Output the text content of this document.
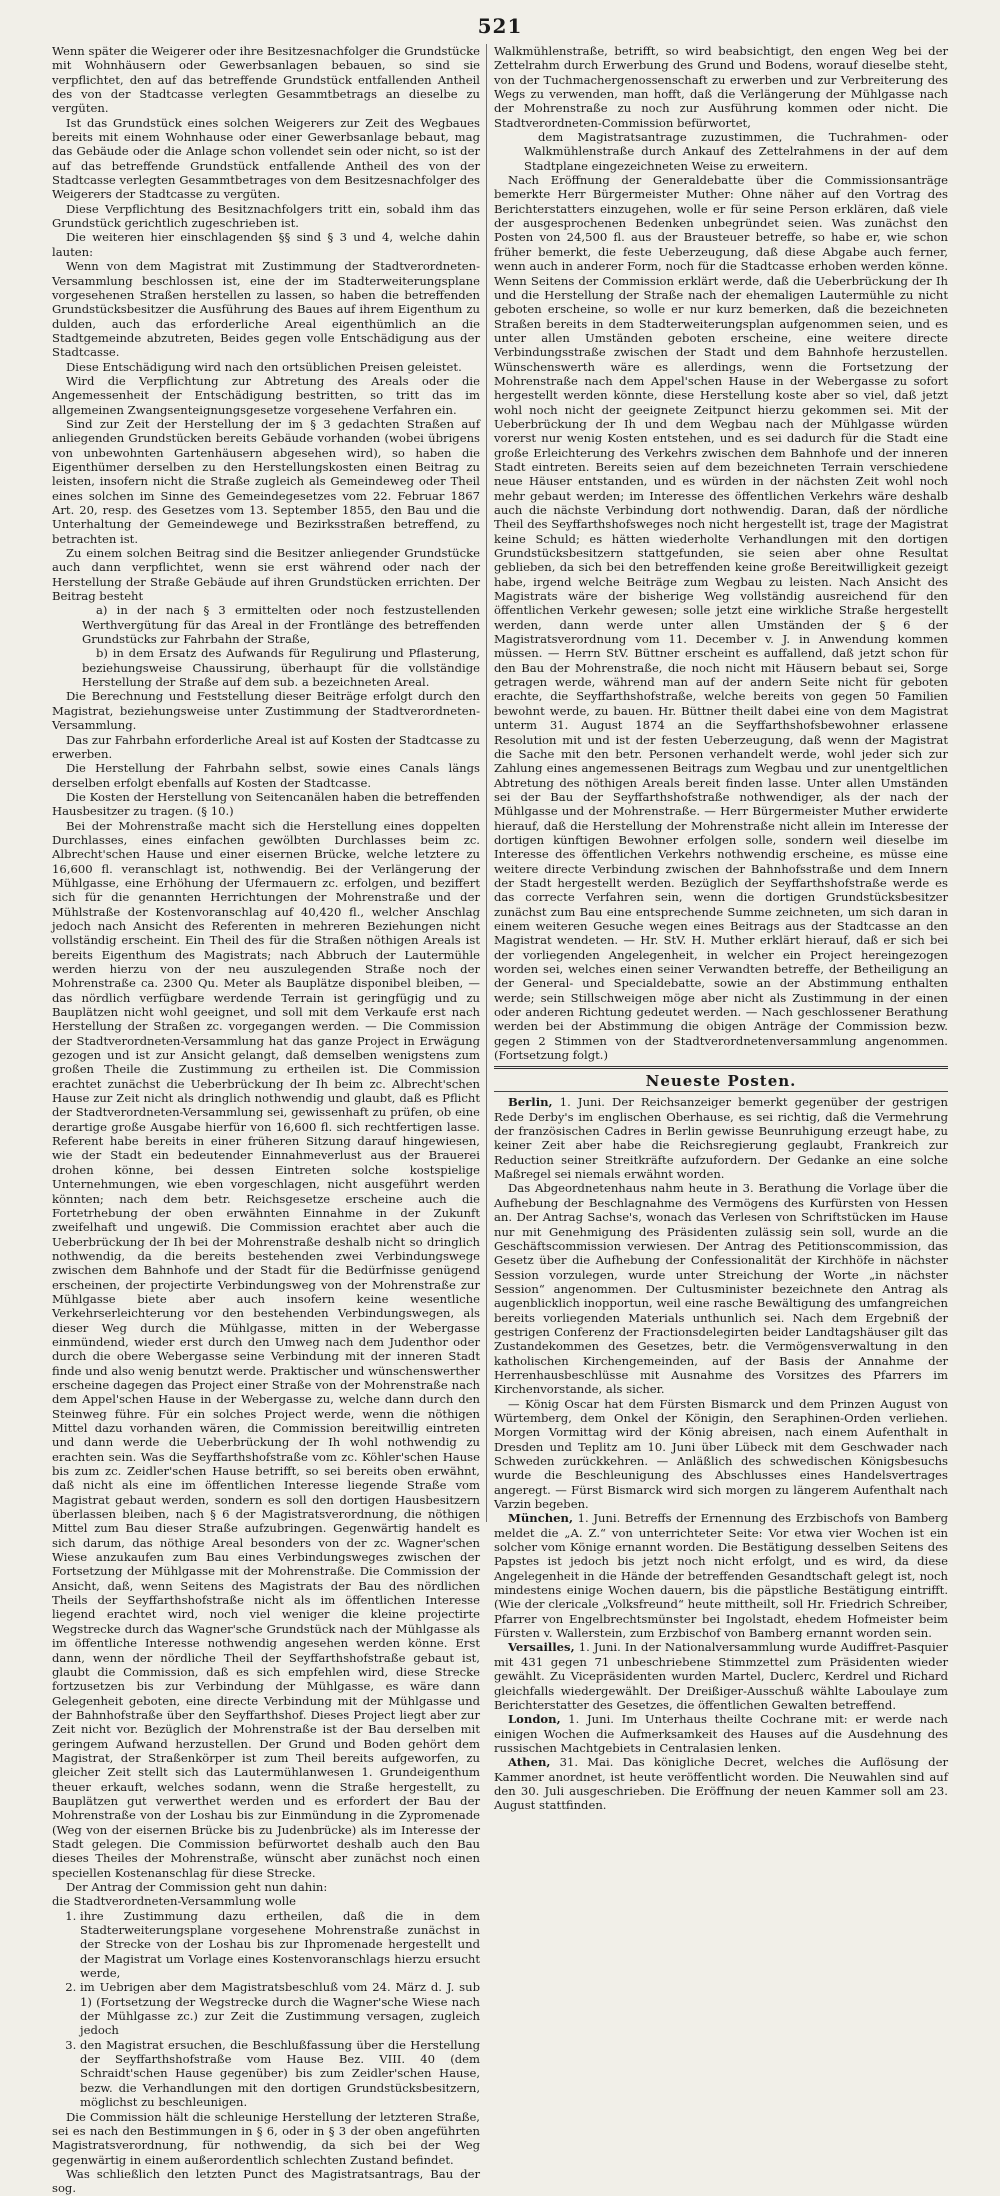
521

Wenn später die Weigerer oder ihre Besitzesnachfolger die Grundstücke mit Wohnhäusern oder Gewerbsanlagen bebauen, so sind sie verpflichtet, den auf das betreffende Grundstück entfallenden Antheil des von der Stadtcasse verlegten Gesammtbetrags an dieselbe zu vergüten.

Ist das Grundstück eines solchen Weigerers zur Zeit des Wegbaues bereits mit einem Wohnhause oder einer Gewerbsanlage bebaut, mag das Gebäude oder die Anlage schon vollendet sein oder nicht, so ist der auf das betreffende Grundstück entfallende Antheil des von der Stadtcasse verlegten Gesammtbetrages von dem Besitzesnachfolger des Weigerers der Stadtcasse zu vergüten.

Diese Verpflichtung des Besitznachfolgers tritt ein, sobald ihm das Grundstück gerichtlich zugeschrieben ist.

Die weiteren hier einschlagenden §§ sind § 3 und 4, welche dahin lauten:

Wenn von dem Magistrat mit Zustimmung der Stadtverordneten-Versammlung beschlossen ist, eine der im Stadterweiterungsplane vorgesehenen Straßen herstellen zu lassen, so haben die betreffenden Grundstücksbesitzer die Ausführung des Baues auf ihrem Eigenthum zu dulden, auch das erforderliche Areal eigenthümlich an die Stadtgemeinde abzutreten, Beides gegen volle Entschädigung aus der Stadtcasse.

Diese Entschädigung wird nach den ortsüblichen Preisen geleistet.

Wird die Verpflichtung zur Abtretung des Areals oder die Angemessenheit der Entschädigung bestritten, so tritt das im allgemeinen Zwangsenteignungsgesetze vorgesehene Verfahren ein.

Sind zur Zeit der Herstellung der im § 3 gedachten Straßen auf anliegenden Grundstücken bereits Gebäude vorhanden (wobei übrigens von unbewohnten Gartenhäusern abgesehen wird), so haben die Eigenthümer derselben zu den Herstellungskosten einen Beitrag zu leisten, insofern nicht die Straße zugleich als Gemeindeweg oder Theil eines solchen im Sinne des Gemeindegesetzes vom 22. Februar 1867 Art. 20, resp. des Gesetzes vom 13. September 1855, den Bau und die Unterhaltung der Gemeindewege und Bezirksstraßen betreffend, zu betrachten ist.

Zu einem solchen Beitrag sind die Besitzer anliegender Grundstücke auch dann verpflichtet, wenn sie erst während oder nach der Herstellung der Straße Gebäude auf ihren Grundstücken errichten. Der Beitrag besteht

a) in der nach § 3 ermittelten oder noch festzustellenden Werthvergütung für das Areal in der Frontlänge des betreffenden Grundstücks zur Fahrbahn der Straße,

b) in dem Ersatz des Aufwands für Regulirung und Pflasterung, beziehungsweise Chaussirung, überhaupt für die vollständige Herstellung der Straße auf dem sub. a bezeichneten Areal.

Die Berechnung und Feststellung dieser Beiträge erfolgt durch den Magistrat, beziehungsweise unter Zustimmung der Stadtverordneten-Versammlung.

Das zur Fahrbahn erforderliche Areal ist auf Kosten der Stadtcasse zu erwerben.

Die Herstellung der Fahrbahn selbst, sowie eines Canals längs derselben erfolgt ebenfalls auf Kosten der Stadtcasse.

Die Kosten der Herstellung von Seitencanälen haben die betreffenden Hausbesitzer zu tragen. (§ 10.)

Bei der Mohrenstraße macht sich die Herstellung eines doppelten Durchlasses, eines einfachen gewölbten Durchlasses beim zc. Albrecht'schen Hause und einer eisernen Brücke, welche letztere zu 16,600 fl. veranschlagt ist, nothwendig. Bei der Verlängerung der Mühlgasse, eine Erhöhung der Ufermauern zc. erfolgen, und beziffert sich für die genannten Herrichtungen der Mohrenstraße und der Mühlstraße der Kostenvoranschlag auf 40,420 fl., welcher Anschlag jedoch nach Ansicht des Referenten in mehreren Beziehungen nicht vollständig erscheint. Ein Theil des für die Straßen nöthigen Areals ist bereits Eigenthum des Magistrats; nach Abbruch der Lautermühle werden hierzu von der neu auszulegenden Straße noch der Mohrenstraße ca. 2300 Qu. Meter als Bauplätze disponibel bleiben, — das nördlich verfügbare werdende Terrain ist geringfügig und zu Bauplätzen nicht wohl geeignet, und soll mit dem Verkaufe erst nach Herstellung der Straßen zc. vorgegangen werden. — Die Commission der Stadtverordneten-Versammlung hat das ganze Project in Erwägung gezogen und ist zur Ansicht gelangt, daß demselben wenigstens zum großen Theile die Zustimmung zu ertheilen ist. Die Commission erachtet zunächst die Ueberbrückung der Ih beim zc. Albrecht'schen Hause zur Zeit nicht als dringlich nothwendig und glaubt, daß es Pflicht der Stadtverordneten-Versammlung sei, gewissenhaft zu prüfen, ob eine derartige große Ausgabe hierfür von 16,600 fl. sich rechtfertigen lasse. Referent habe bereits in einer früheren Sitzung darauf hingewiesen, wie der Stadt ein bedeutender Einnahmeverlust aus der Brauerei drohen könne, bei dessen Eintreten solche kostspielige Unternehmungen, wie eben vorgeschlagen, nicht ausgeführt werden könnten; nach dem betr. Reichsgesetze erscheine auch die Fortetrhebung der oben erwähnten Einnahme in der Zukunft zweifelhaft und ungewiß. Die Commission erachtet aber auch die Ueberbrückung der Ih bei der Mohrenstraße deshalb nicht so dringlich nothwendig, da die bereits bestehenden zwei Verbindungswege zwischen dem Bahnhofe und der Stadt für die Bedürfnisse genügend erscheinen, der projectirte Verbindungsweg von der Mohrenstraße zur Mühlgasse biete aber auch insofern keine wesentliche Verkehrserleichterung vor den bestehenden Verbindungswegen, als dieser Weg durch die Mühlgasse, mitten in der Webergasse einmündend, wieder erst durch den Umweg nach dem Judenthor oder durch die obere Webergasse seine Verbindung mit der inneren Stadt finde und also wenig benutzt werde. Praktischer und wünschenswerther erscheine dagegen das Project einer Straße von der Mohrenstraße nach dem Appel'schen Hause in der Webergasse zu, welche dann durch den Steinweg führe. Für ein solches Project werde, wenn die nöthigen Mittel dazu vorhanden wären, die Commission bereitwillig eintreten und dann werde die Ueberbrückung der Ih wohl nothwendig zu erachten sein. Was die Seyffarthshofstraße vom zc. Köhler'schen Hause bis zum zc. Zeidler'schen Hause betrifft, so sei bereits oben erwähnt, daß nicht als eine im öffentlichen Interesse liegende Straße vom Magistrat gebaut werden, sondern es soll den dortigen Hausbesitzern überlassen bleiben, nach § 6 der Magistratsverordnung, die nöthigen Mittel zum Bau dieser Straße aufzubringen. Gegenwärtig handelt es sich darum, das nöthige Areal besonders von der zc. Wagner'schen Wiese anzukaufen zum Bau eines Verbindungsweges zwischen der Fortsetzung der Mühlgasse mit der Mohrenstraße. Die Commission der Ansicht, daß, wenn Seitens des Magistrats der Bau des nördlichen Theils der Seyffarthshofstraße nicht als im öffentlichen Interesse liegend erachtet wird, noch viel weniger die kleine projectirte Wegstrecke durch das Wagner'sche Grundstück nach der Mühlgasse als im öffentliche Interesse nothwendig angesehen werden könne. Erst dann, wenn der nördliche Theil der Seyffarthshofstraße gebaut ist, glaubt die Commission, daß es sich empfehlen wird, diese Strecke fortzusetzen bis zur Verbindung der Mühlgasse, es wäre dann Gelegenheit geboten, eine directe Verbindung mit der Mühlgasse und der Bahnhofstraße über den Seyffarthshof. Dieses Project liegt aber zur Zeit nicht vor. Bezüglich der Mohrenstraße ist der Bau derselben mit geringem Aufwand herzustellen. Der Grund und Boden gehört dem Magistrat, der Straßenkörper ist zum Theil bereits aufgeworfen, zu gleicher Zeit stellt sich das Lautermühlanwesen 1. Grundeigenthum theuer erkauft, welches sodann, wenn die Straße hergestellt, zu Bauplätzen gut verwerthet werden und es erfordert der Bau der Mohrenstraße von der Loshau bis zur Einmündung in die Zypromenade (Weg von der eisernen Brücke bis zu Judenbrücke) als im Interesse der Stadt gelegen. Die Commission befürwortet deshalb auch den Bau dieses Theiles der Mohrenstraße, wünscht aber zunächst noch einen speciellen Kostenanschlag für diese Strecke.

Der Antrag der Commission geht nun dahin:

die Stadtverordneten-Versammlung wolle

1. ihre Zustimmung dazu ertheilen, daß die in dem Stadterweiterungsplane vorgesehene Mohrenstraße zunächst in der Strecke von der Loshau bis zur Ihpromenade hergestellt und der Magistrat um Vorlage eines Kostenvoranschlags hierzu ersucht werde,
2. im Uebrigen aber dem Magistratsbeschluß vom 24. März d. J. sub 1) (Fortsetzung der Wegstrecke durch die Wagner'sche Wiese nach der Mühlgasse zc.) zur Zeit die Zustimmung versagen, zugleich jedoch
3. den Magistrat ersuchen, die Beschlußfassung über die Herstellung der Seyffarthshofstraße vom Hause Bez. VIII. 40 (dem Schraidt'schen Hause gegenüber) bis zum Zeidler'schen Hause, bezw. die Verhandlungen mit den dortigen Grundstücksbesitzern, möglichst zu beschleunigen.

Die Commission hält die schleunige Herstellung der letzteren Straße, sei es nach den Bestimmungen in § 6, oder in § 3 der oben angeführten Magistratsverordnung, für nothwendig, da sich bei der Weg gegenwärtig in einem außerordentlich schlechten Zustand befindet.

Was schließlich den letzten Punct des Magistratsantrags, Bau der sog.

Walkmühlenstraße, betrifft, so wird beabsichtigt, den engen Weg bei der Zettelrahm durch Erwerbung des Grund und Bodens, worauf dieselbe steht, von der Tuchmachergenossenschaft zu erwerben und zur Verbreiterung des Wegs zu verwenden, man hofft, daß die Verlängerung der Mühlgasse nach der Mohrenstraße zu noch zur Ausführung kommen oder nicht. Die Stadtverordneten-Commission befürwortet,

dem Magistratsantrage zuzustimmen, die Tuchrahmen- oder Walkmühlenstraße durch Ankauf des Zettelrahmens in der auf dem Stadtplane eingezeichneten Weise zu erweitern.

Nach Eröffnung der Generaldebatte über die Commissionsanträge bemerkte Herr Bürgermeister Muther: Ohne näher auf den Vortrag des Berichterstatters einzugehen, wolle er für seine Person erklären, daß viele der ausgesprochenen Bedenken unbegründet seien. Was zunächst den Posten von 24,500 fl. aus der Brausteuer betreffe, so habe er, wie schon früher bemerkt, die feste Ueberzeugung, daß diese Abgabe auch ferner, wenn auch in anderer Form, noch für die Stadtcasse erhoben werden könne. Wenn Seitens der Commission erklärt werde, daß die Ueberbrückung der Ih und die Herstellung der Straße nach der ehemaligen Lautermühle zu nicht geboten erscheine, so wolle er nur kurz bemerken, daß die bezeichneten Straßen bereits in dem Stadterweiterungsplan aufgenommen seien, und es unter allen Umständen geboten erscheine, eine weitere directe Verbindungsstraße zwischen der Stadt und dem Bahnhofe herzustellen. Wünschenswerth wäre es allerdings, wenn die Fortsetzung der Mohrenstraße nach dem Appel'schen Hause in der Webergasse zu sofort hergestellt werden könnte, diese Herstellung koste aber so viel, daß jetzt wohl noch nicht der geeignete Zeitpunct hierzu gekommen sei. Mit der Ueberbrückung der Ih und dem Wegbau nach der Mühlgasse würden vorerst nur wenig Kosten entstehen, und es sei dadurch für die Stadt eine große Erleichterung des Verkehrs zwischen dem Bahnhofe und der inneren Stadt eintreten. Bereits seien auf dem bezeichneten Terrain verschiedene neue Häuser entstanden, und es würden in der nächsten Zeit wohl noch mehr gebaut werden; im Interesse des öffentlichen Verkehrs wäre deshalb auch die nächste Verbindung dort nothwendig. Daran, daß der nördliche Theil des Seyffarthshofsweges noch nicht hergestellt ist, trage der Magistrat keine Schuld; es hätten wiederholte Verhandlungen mit den dortigen Grundstücksbesitzern stattgefunden, sie seien aber ohne Resultat geblieben, da sich bei den betreffenden keine große Bereitwilligkeit gezeigt habe, irgend welche Beiträge zum Wegbau zu leisten. Nach Ansicht des Magistrats wäre der bisherige Weg vollständig ausreichend für den öffentlichen Verkehr gewesen; solle jetzt eine wirkliche Straße hergestellt werden, dann werde unter allen Umständen der § 6 der Magistratsverordnung vom 11. December v. J. in Anwendung kommen müssen. — Herrn StV. Büttner erscheint es auffallend, daß jetzt schon für den Bau der Mohrenstraße, die noch nicht mit Häusern bebaut sei, Sorge getragen werde, während man auf der andern Seite nicht für geboten erachte, die Seyffarthshofstraße, welche bereits von gegen 50 Familien bewohnt werde, zu bauen. Hr. Büttner theilt dabei eine von dem Magistrat unterm 31. August 1874 an die Seyffarthshofsbewohner erlassene Resolution mit und ist der festen Ueberzeugung, daß wenn der Magistrat die Sache mit den betr. Personen verhandelt werde, wohl jeder sich zur Zahlung eines angemessenen Beitrags zum Wegbau und zur unentgeltlichen Abtretung des nöthigen Areals bereit finden lasse. Unter allen Umständen sei der Bau der Seyffarthshofstraße nothwendiger, als der nach der Mühlgasse und der Mohrenstraße. — Herr Bürgermeister Muther erwiderte hierauf, daß die Herstellung der Mohrenstraße nicht allein im Interesse der dortigen künftigen Bewohner erfolgen solle, sondern weil dieselbe im Interesse des öffentlichen Verkehrs nothwendig erscheine, es müsse eine weitere directe Verbindung zwischen der Bahnhofsstraße und dem Innern der Stadt hergestellt werden. Bezüglich der Seyffarthshofstraße werde es das correcte Verfahren sein, wenn die dortigen Grundstücksbesitzer zunächst zum Bau eine entsprechende Summe zeichneten, um sich daran in einem weiteren Gesuche wegen eines Beitrags aus der Stadtcasse an den Magistrat wendeten. — Hr. StV. H. Muther erklärt hierauf, daß er sich bei der vorliegenden Angelegenheit, in welcher ein Project hereingezogen worden sei, welches einen seiner Verwandten betreffe, der Betheiligung an der General- und Specialdebatte, sowie an der Abstimmung enthalten werde; sein Stillschweigen möge aber nicht als Zustimmung in der einen oder anderen Richtung gedeutet werden. — Nach geschlossener Berathung werden bei der Abstimmung die obigen Anträge der Commission bezw. gegen 2 Stimmen von der Stadtverordnetenversammlung angenommen. (Fortsetzung folgt.)

Neueste Posten.

Berlin, 1. Juni. Der Reichsanzeiger bemerkt gegenüber der gestrigen Rede Derby's im englischen Oberhause, es sei richtig, daß die Vermehrung der französischen Cadres in Berlin gewisse Beunruhigung erzeugt habe, zu keiner Zeit aber habe die Reichsregierung geglaubt, Frankreich zur Reduction seiner Streitkräfte aufzufordern. Der Gedanke an eine solche Maßregel sei niemals erwähnt worden.

Das Abgeordnetenhaus nahm heute in 3. Berathung die Vorlage über die Aufhebung der Beschlagnahme des Vermögens des Kurfürsten von Hessen an. Der Antrag Sachse's, wonach das Verlesen von Schriftstücken im Hause nur mit Genehmigung des Präsidenten zulässig sein soll, wurde an die Geschäftscommission verwiesen. Der Antrag des Petitionscommission, das Gesetz über die Aufhebung der Confessionalität der Kirchhöfe in nächster Session vorzulegen, wurde unter Streichung der Worte „in nächster Session“ angenommen. Der Cultusminister bezeichnete den Antrag als augenblicklich inopportun, weil eine rasche Bewältigung des umfangreichen bereits vorliegenden Materials unthunlich sei. Nach dem Ergebniß der gestrigen Conferenz der Fractionsdelegirten beider Landtagshäuser gilt das Zustandekommen des Gesetzes, betr. die Vermögensverwaltung in den katholischen Kirchengemeinden, auf der Basis der Annahme der Herrenhausbeschlüsse mit Ausnahme des Vorsitzes des Pfarrers im Kirchenvorstande, als sicher.

— König Oscar hat dem Fürsten Bismarck und dem Prinzen August von Würtemberg, dem Onkel der Königin, den Seraphinen-Orden verliehen. Morgen Vormittag wird der König abreisen, nach einem Aufenthalt in Dresden und Teplitz am 10. Juni über Lübeck mit dem Geschwader nach Schweden zurückkehren. — Anläßlich des schwedischen Königsbesuchs wurde die Beschleunigung des Abschlusses eines Handelsvertrages angeregt. — Fürst Bismarck wird sich morgen zu längerem Aufenthalt nach Varzin begeben.

München, 1. Juni. Betreffs der Ernennung des Erzbischofs von Bamberg meldet die „A. Z.“ von unterrichteter Seite: Vor etwa vier Wochen ist ein solcher vom Könige ernannt worden. Die Bestätigung desselben Seitens des Papstes ist jedoch bis jetzt noch nicht erfolgt, und es wird, da diese Angelegenheit in die Hände der betreffenden Gesandtschaft gelegt ist, noch mindestens einige Wochen dauern, bis die päpstliche Bestätigung eintrifft. (Wie der clericale „Volksfreund“ heute mittheilt, soll Hr. Friedrich Schreiber, Pfarrer von Engelbrechtsmünster bei Ingolstadt, ehedem Hofmeister beim Fürsten v. Wallerstein, zum Erzbischof von Bamberg ernannt worden sein.

Versailles, 1. Juni. In der Nationalversammlung wurde Audiffret-Pasquier mit 431 gegen 71 unbeschriebene Stimmzettel zum Präsidenten wieder gewählt. Zu Vicepräsidenten wurden Martel, Duclerc, Kerdrel und Richard gleichfalls wiedergewählt. Der Dreißiger-Ausschuß wählte Laboulaye zum Berichterstatter des Gesetzes, die öffentlichen Gewalten betreffend.

London, 1. Juni. Im Unterhaus theilte Cochrane mit: er werde nach einigen Wochen die Aufmerksamkeit des Hauses auf die Ausdehnung des russischen Machtgebiets in Centralasien lenken.

Athen, 31. Mai. Das königliche Decret, welches die Auflösung der Kammer anordnet, ist heute veröffentlicht worden. Die Neuwahlen sind auf den 30. Juli ausgeschrieben. Die Eröffnung der neuen Kammer soll am 23. August stattfinden.
